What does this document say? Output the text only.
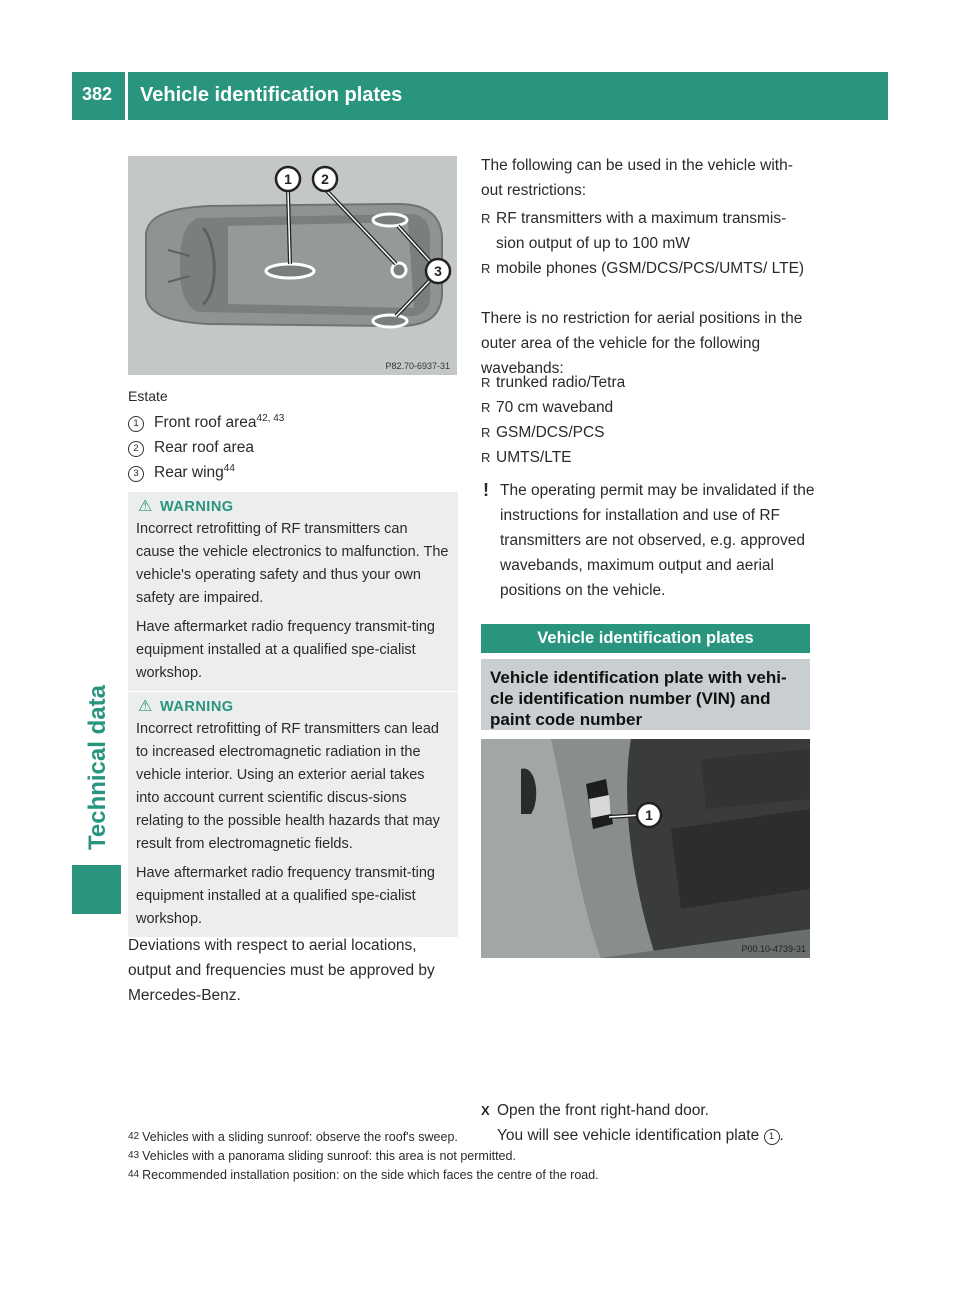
382	Vehicle identification plates
Technical data
1 2
3
P82.70-6937-31
Estate
1 Front roof area$^{42, 43}$
2 Rear roof area
3 Rear wing$^{44}$
⚠ WARNING

Incorrect retrofitting of RF transmitters can cause the vehicle electronics to malfunction. The vehicle's operating safety and thus your own safety are impaired.

Have aftermarket radio frequency transmit-ting equipment installed at a qualified spe-cialist workshop.

⚠ WARNING

Incorrect retrofitting of RF transmitters can lead to increased electromagnetic radiation in the vehicle interior. Using an exterior aerial takes into account current scientific discus-sions relating to the possible health hazards that may result from electromagnetic fields.

Have aftermarket radio frequency transmit-ting equipment installed at a qualified spe-cialist workshop.

Deviations with respect to aerial locations, output and frequencies must be approved by Mercedes-Benz.
The following can be used in the vehicle with-out restrictions:
R RF transmitters with a maximum transmis-sion output of up to 100 mW
R mobile phones (GSM/DCS/PCS/UMTS/ LTE)
There is no restriction for aerial positions in the outer area of the vehicle for the following wavebands:
R trunked radio/Tetra
R 70 cm waveband
R GSM/DCS/PCS
R UMTS/LTE
! The operating permit may be invalidated if the instructions for installation and use of RF transmitters are not observed, e.g. approved wavebands, maximum output and aerial positions on the vehicle.
Vehicle identification plates
Vehicle identification plate with vehi-cle identification number (VIN) and paint code number
1
P00.10-4739-31
X Open the front right-hand door.
You will see vehicle identification plate 1 .
42 Vehicles with a sliding sunroof: observe the roof's sweep.
43 Vehicles with a panorama sliding sunroof: this area is not permitted.
44 Recommended installation position: on the side which faces the centre of the road.
